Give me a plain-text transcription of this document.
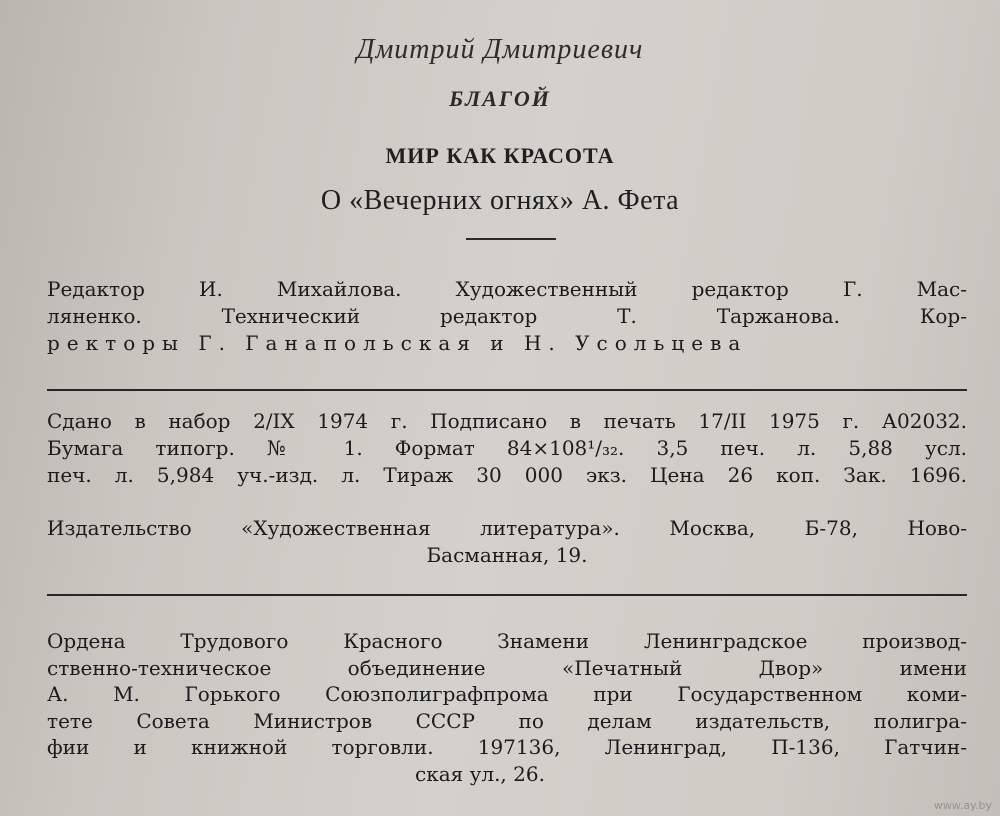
Дмитрий Дмитриевич
БЛАГОЙ
МИР КАК КРАСОТА
О «Вечерних огнях» А. Фета
Редактор И. Михайлова. Художественный редактор Г. Мас-
ляненко. Технический редактор Т. Таржанова. Кор-
ректоры Г. Ганапольская и Н. Усольцева
Сдано в набор 2/IX 1974 г. Подписано в печать 17/II 1975 г. А02032.
Бумага типогр. № 1. Формат 84×108¹/₃₂. 3,5 печ. л. 5,88 усл.
печ. л. 5,984 уч.-изд. л. Тираж 30 000 экз. Цена 26 коп. Зак. 1696.
Издательство «Художественная литература». Москва, Б-78, Ново-
Басманная, 19.
Ордена Трудового Красного Знамени Ленинградское производ-
ственно-техническое объединение «Печатный Двор» имени
А. М. Горького Союзполиграфпрома при Государственном коми-
тете Совета Министров СССР по делам издательств, полигра-
фии и книжной торговли. 197136, Ленинград, П-136, Гатчин-
ская ул., 26.
www.ay.by
